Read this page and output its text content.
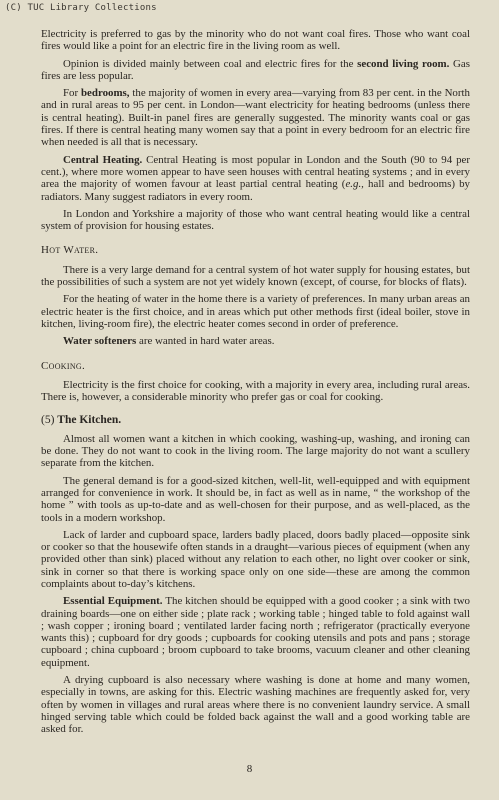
(C) TUC Library Collections

Electricity is preferred to gas by the minority who do not want coal fires. Those who want coal fires would like a point for an electric fire in the living room as well.

Opinion is divided mainly between coal and electric fires for the second living room. Gas fires are less popular.

For bedrooms, the majority of women in every area—varying from 83 per cent. in the North and in rural areas to 95 per cent. in London—want electricity for heating bedrooms (unless there is central heating). Built-in panel fires are generally suggested. The minority wants coal or gas fires. If there is central heating many women say that a point in every bedroom for an electric fire when needed is all that is necessary.

Central Heating. Central Heating is most popular in London and the South (90 to 94 per cent.), where more women appear to have seen houses with central heating systems ; and in every area the majority of women favour at least partial central heating (e.g., hall and bedrooms) by radiators. Many suggest radiators in every room.

In London and Yorkshire a majority of those who want central heating would like a central system of provision for housing estates.

Hot Water.

There is a very large demand for a central system of hot water supply for housing estates, but the possibilities of such a system are not yet widely known (except, of course, for blocks of flats).

For the heating of water in the home there is a variety of preferences. In many urban areas an electric heater is the first choice, and in areas which put other methods first (ideal boiler, stove in kitchen, living-room fire), the electric heater comes second in order of preference.

Water softeners are wanted in hard water areas.

Cooking.

Electricity is the first choice for cooking, with a majority in every area, including rural areas. There is, however, a considerable minority who prefer gas or coal for cooking.

(5) The Kitchen.

Almost all women want a kitchen in which cooking, washing-up, washing, and ironing can be done. They do not want to cook in the living room. The large majority do not want a scullery separate from the kitchen.

The general demand is for a good-sized kitchen, well-lit, well-equipped and with equipment arranged for convenience in work. It should be, in fact as well as in name, “ the workshop of the home ” with tools as up-to-date and as well-chosen for their purpose, and as well-placed, as the tools in a modern workshop.

Lack of larder and cupboard space, larders badly placed, doors badly placed—opposite sink or cooker so that the housewife often stands in a draught—various pieces of equipment (when any provided other than sink) placed without any relation to each other, no light over cooker or sink, sink in corner so that there is working space only on one side—these are among the common complaints about to-day’s kitchens.

Essential Equipment. The kitchen should be equipped with a good cooker ; a sink with two draining boards—one on either side ; plate rack ; working table ; hinged table to fold against wall ; wash copper ; ironing board ; ventilated larder facing north ; refrigerator (practically everyone wants this) ; cupboard for dry goods ; cupboards for cooking utensils and pots and pans ; storage cupboard ; china cupboard ; broom cupboard to take brooms, vacuum cleaner and other cleaning equipment.

A drying cupboard is also necessary where washing is done at home and many women, especially in towns, are asking for this. Electric washing machines are frequently asked for, very often by women in villages and rural areas where there is no convenient laundry service. A small hinged serving table which could be folded back against the wall and a good working table are asked for.

8
